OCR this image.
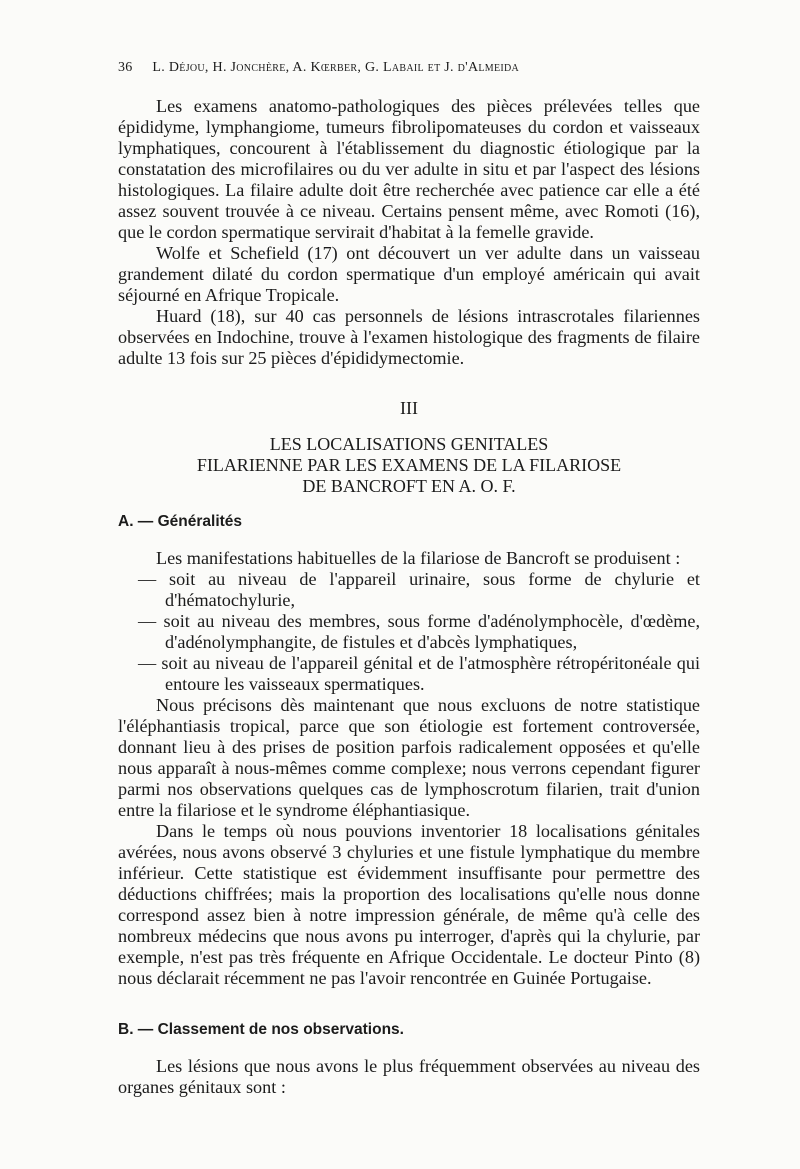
36 L. Déjou, H. Jonchère, A. Kœrber, G. Labail et J. d'Almeida

Les examens anatomo-pathologiques des pièces prélevées telles que épididyme, lymphangiome, tumeurs fibrolipomateuses du cordon et vaisseaux lymphatiques, concourent à l'établissement du diagnostic étiologique par la constatation des microfilaires ou du ver adulte in situ et par l'aspect des lésions histologiques. La filaire adulte doit être recherchée avec patience car elle a été assez souvent trouvée à ce niveau. Certains pensent même, avec Romoti (16), que le cordon spermatique servirait d'habitat à la femelle gravide.

Wolfe et Schefield (17) ont découvert un ver adulte dans un vaisseau grandement dilaté du cordon spermatique d'un employé américain qui avait séjourné en Afrique Tropicale.

Huard (18), sur 40 cas personnels de lésions intrascrotales filariennes observées en Indochine, trouve à l'examen histologique des fragments de filaire adulte 13 fois sur 25 pièces d'épididymectomie.

III
LES LOCALISATIONS GENITALES
FILARIENNE PAR LES EXAMENS DE LA FILARIOSE
DE BANCROFT EN A. O. F.
A. — Généralités

Les manifestations habituelles de la filariose de Bancroft se produisent :

— soit au niveau de l'appareil urinaire, sous forme de chylurie et d'hématochylurie,
— soit au niveau des membres, sous forme d'adénolymphocèle, d'œdème, d'adénolymphangite, de fistules et d'abcès lymphatiques,
— soit au niveau de l'appareil génital et de l'atmosphère rétropéritonéale qui entoure les vaisseaux spermatiques.

Nous précisons dès maintenant que nous excluons de notre statistique l'éléphantiasis tropical, parce que son étiologie est fortement controversée, donnant lieu à des prises de position parfois radicalement opposées et qu'elle nous apparaît à nous-mêmes comme complexe; nous verrons cependant figurer parmi nos observations quelques cas de lymphoscrotum filarien, trait d'union entre la filariose et le syndrome éléphantiasique.

Dans le temps où nous pouvions inventorier 18 localisations génitales avérées, nous avons observé 3 chyluries et une fistule lymphatique du membre inférieur. Cette statistique est évidemment insuffisante pour permettre des déductions chiffrées; mais la proportion des localisations qu'elle nous donne correspond assez bien à notre impression générale, de même qu'à celle des nombreux médecins que nous avons pu interroger, d'après qui la chylurie, par exemple, n'est pas très fréquente en Afrique Occidentale. Le docteur Pinto (8) nous déclarait récemment ne pas l'avoir rencontrée en Guinée Portugaise.

B. — Classement de nos observations.

Les lésions que nous avons le plus fréquemment observées au niveau des organes génitaux sont :
